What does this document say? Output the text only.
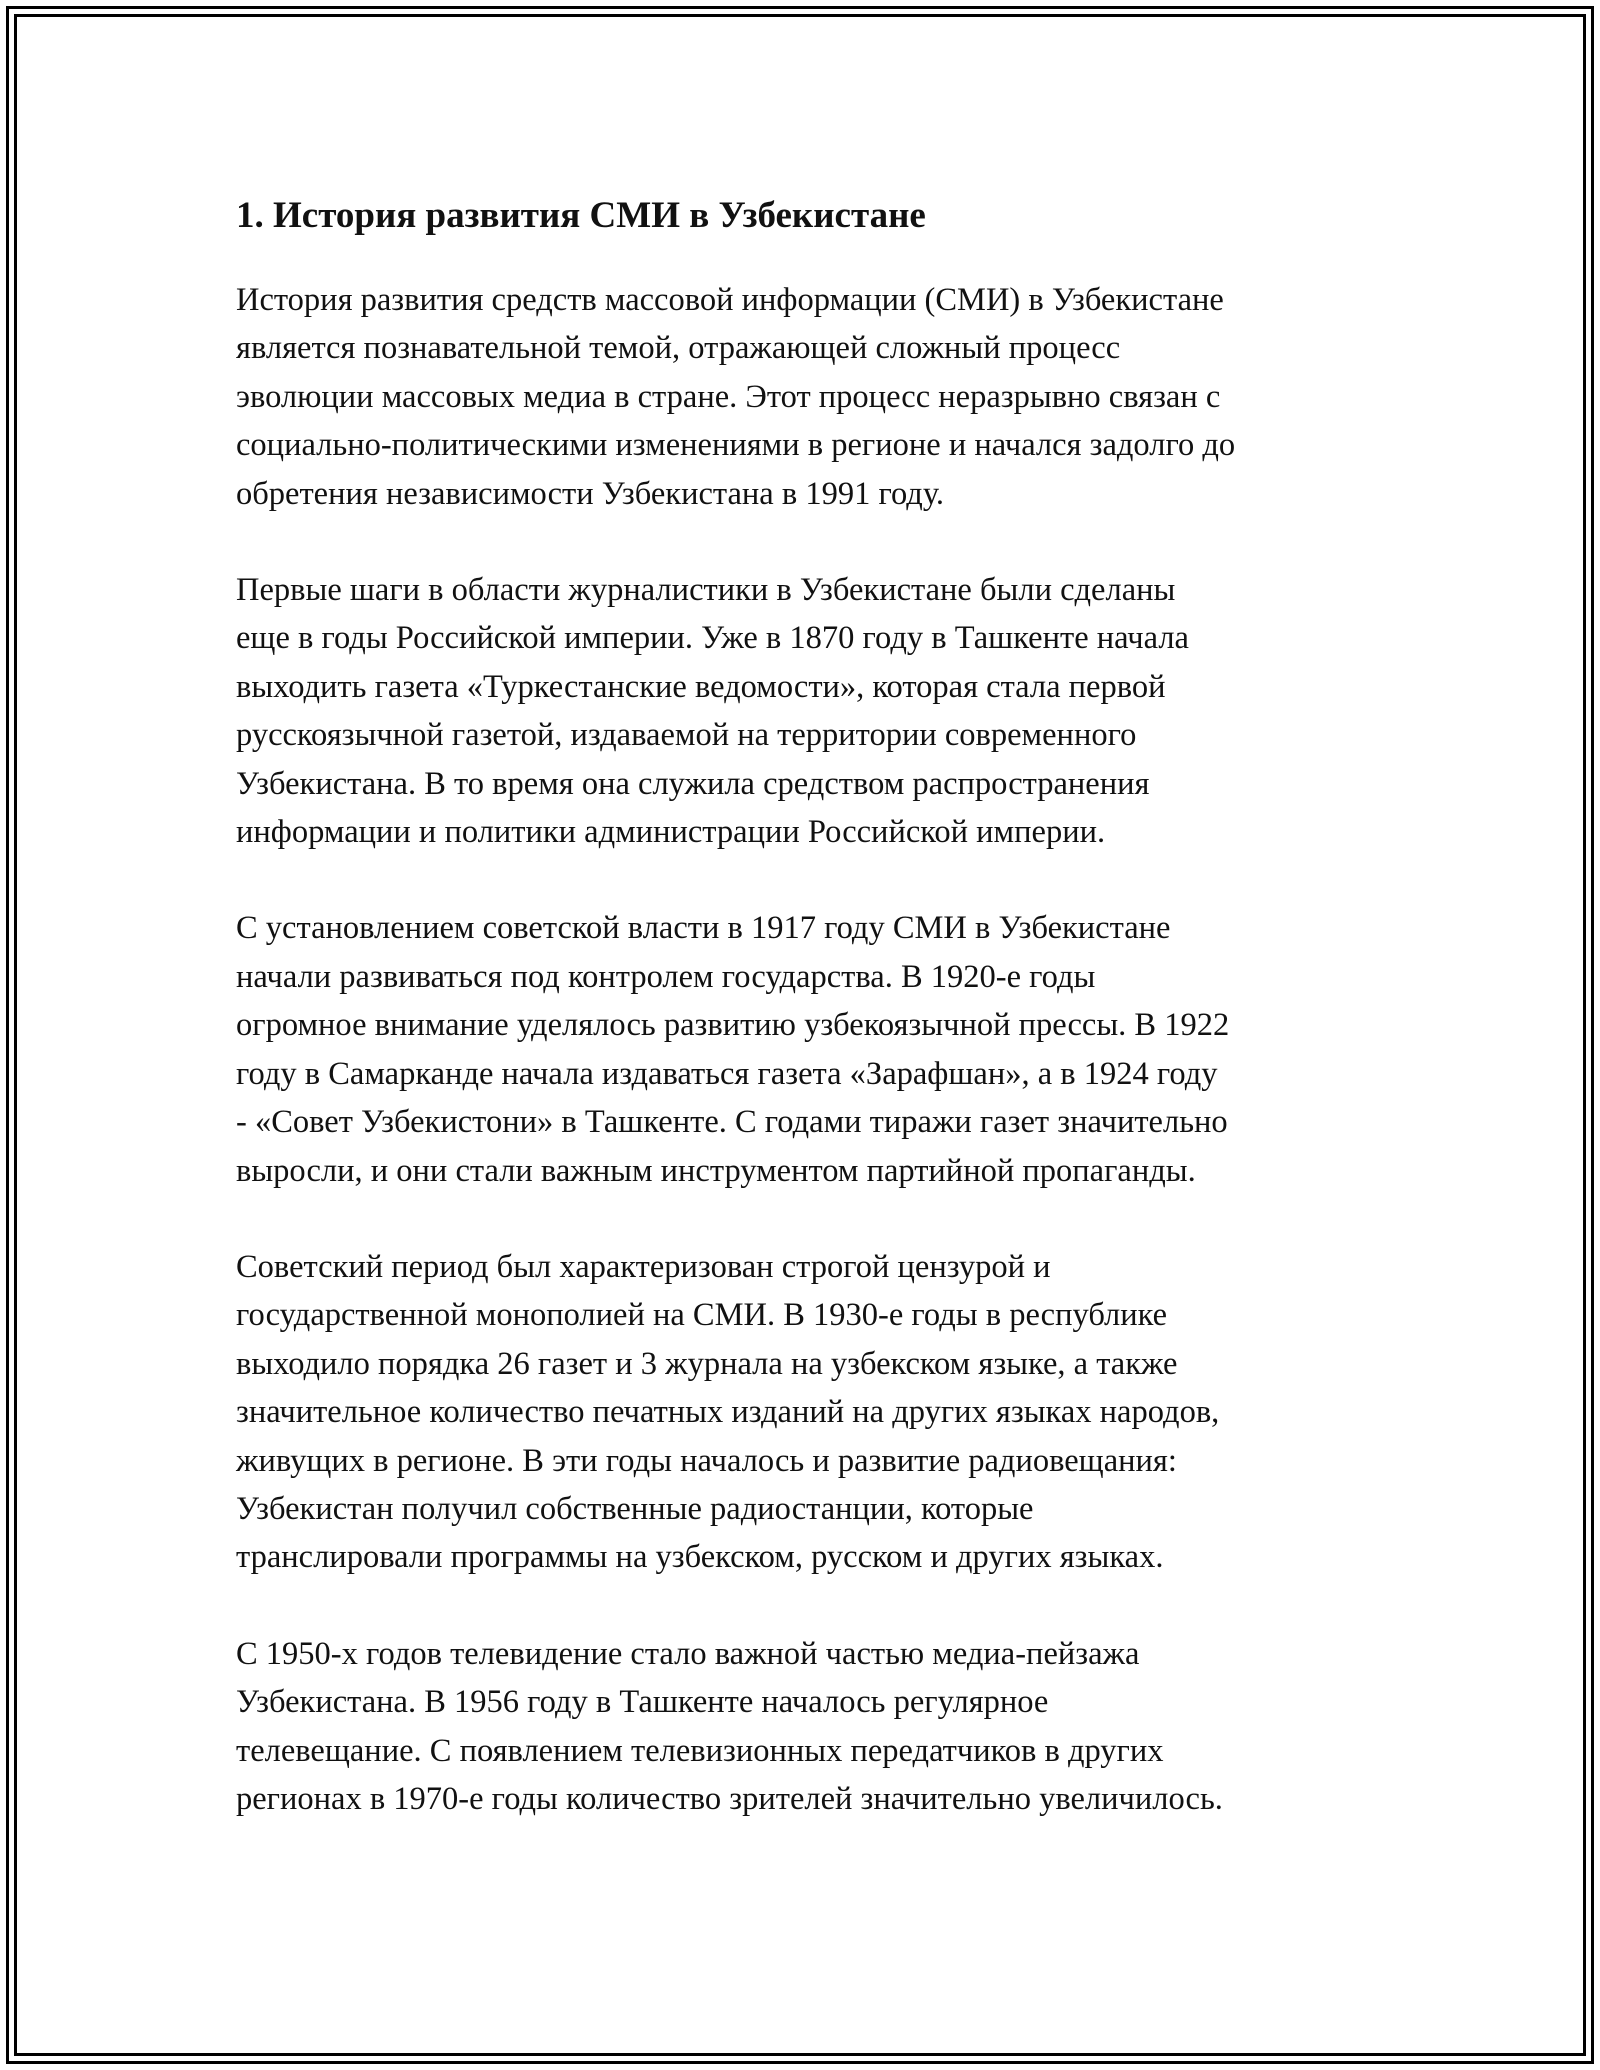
1. История развития СМИ в Узбекистане

История развития средств массовой информации (СМИ) в Узбекистане
является познавательной темой, отражающей сложный процесс
эволюции массовых медиа в стране. Этот процесс неразрывно связан с
социально-политическими изменениями в регионе и начался задолго до
обретения независимости Узбекистана в 1991 году.

Первые шаги в области журналистики в Узбекистане были сделаны
еще в годы Российской империи. Уже в 1870 году в Ташкенте начала
выходить газета «Туркестанские ведомости», которая стала первой
русскоязычной газетой, издаваемой на территории современного
Узбекистана. В то время она служила средством распространения
информации и политики администрации Российской империи.

С установлением советской власти в 1917 году СМИ в Узбекистане
начали развиваться под контролем государства. В 1920-е годы
огромное внимание уделялось развитию узбекоязычной прессы. В 1922
году в Самарканде начала издаваться газета «Зарафшан», а в 1924 году
- «Совет Узбекистони» в Ташкенте. С годами тиражи газет значительно
выросли, и они стали важным инструментом партийной пропаганды.

Советский период был характеризован строгой цензурой и
государственной монополией на СМИ. В 1930-е годы в республике
выходило порядка 26 газет и 3 журнала на узбекском языке, а также
значительное количество печатных изданий на других языках народов,
живущих в регионе. В эти годы началось и развитие радиовещания:
Узбекистан получил собственные радиостанции, которые
транслировали программы на узбекском, русском и других языках.

С 1950-х годов телевидение стало важной частью медиа-пейзажа
Узбекистана. В 1956 году в Ташкенте началось регулярное
телевещание. С появлением телевизионных передатчиков в других
регионах в 1970-е годы количество зрителей значительно увеличилось.
